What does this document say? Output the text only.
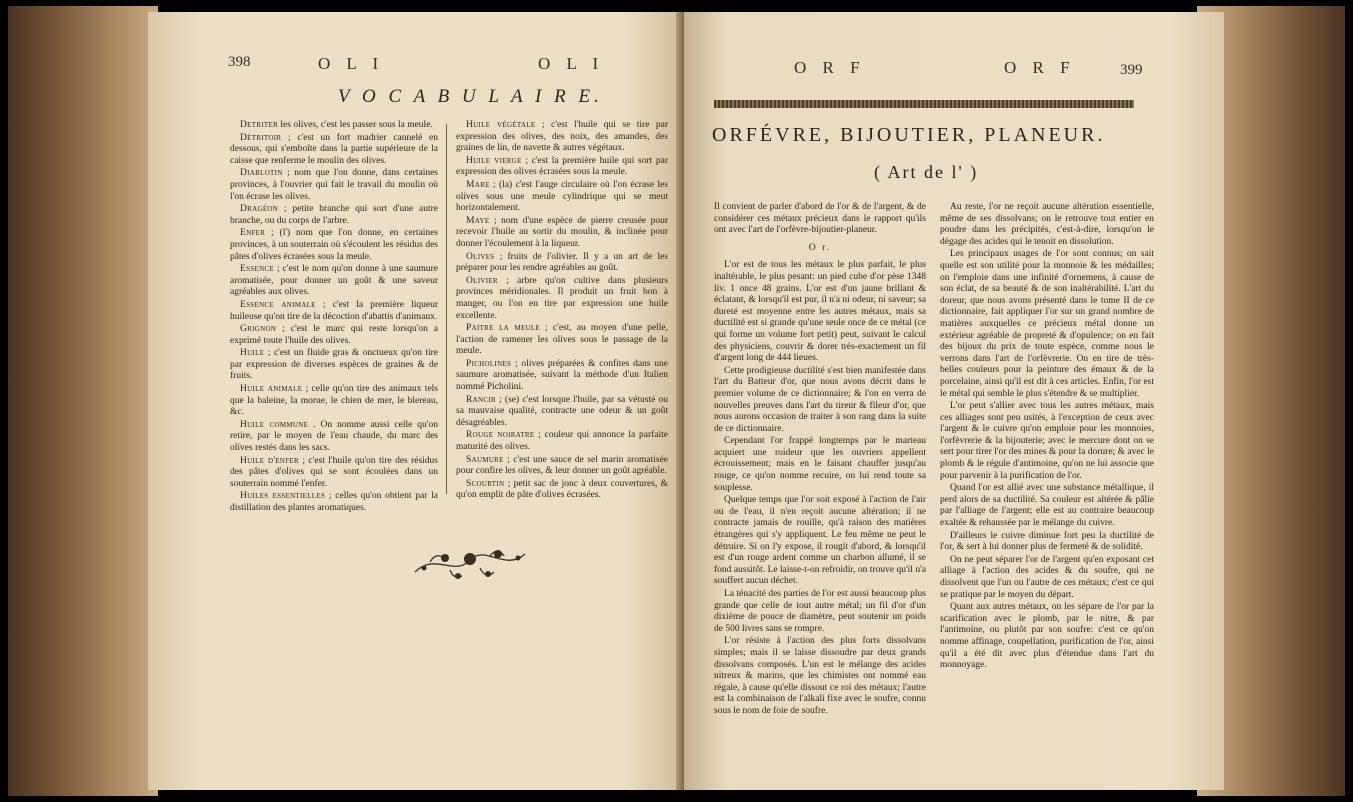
398	O L I	O L I
V O C A B U L A I R E.

Detriter les olives, c'est les passer sous la meule.

Détritoir ; c'est un fort madrier cannelé en dessous, qui s'emboîte dans la partie supérieure de la caisse que renferme le moulin des olives.

Diablotin ; nom que l'on donne, dans certaines provinces, à l'ouvrier qui fait le travail du moulin où l'on écrase les olives.

Dragéon ; petite branche qui sort d'une autre branche, ou du corps de l'arbre.

Enfer ; (l') nom que l'on donne, en certaines provinces, à un souterrain où s'écoulent les résidus des pâtes d'olives écrasées sous la meule.

Essence ; c'est le nom qu'on donne à une saumure aromatisée, pour donner un goût & une saveur agréables aux olives.

Essence animale ; c'est la première liqueur huileuse qu'on tire de la décoction d'abattis d'animaux.

Grignon ; c'est le marc qui reste lorsqu'on a exprimé toute l'huile des olives.

Huile ; c'est un fluide gras & onctueux qu'on tire par expression de diverses espèces de graines & de fruits.

Huile animale ; celle qu'on tire des animaux tels que la baleine, la morue, le chien de mer, le blereau, &c.

Huile commune . On nomme aussi celle qu'on retire, par le moyen de l'eau chaude, du marc des olives restés dans les sacs.

Huile d'enfer ; c'est l'huile qu'on tire des résidus des pâtes d'olives qui se sont écoulées dans un souterrain nommé l'enfer.

Huiles essentielles ; celles qu'on obtient par la distillation des plantes aromatiques.

Huile végétale ; c'est l'huile qui se tire par expression des olives, des noix, des amandes, des graines de lin, de navette & autres végétaux.

Huile vierge ; c'est la première huile qui sort par expression des olives écrasées sous la meule.

Mare ; (la) c'est l'auge circulaire où l'on écrase les olives sous une meule cylindrique qui se meut horizontalement.

Maye ; nom d'une espèce de pierre creusée pour recevoir l'huile au sortir du moulin, & inclinée pour donner l'écoulement à la liqueur.

Olives ; fruits de l'olivier. Il y a un art de les préparer pour les rendre agréables au goût.

Olivier ; arbre qu'on cultive dans plusieurs provinces méridionales. Il produit un fruit bon à manger, ou l'on en tire par expression une huile excellente.

Paitre la meule ; c'est, au moyen d'une pelle, l'action de ramener les olives sous le passage de la meule.

Picholines ; olives préparées & confites dans une saumure aromatisée, suivant la méthode d'un Italien nommé Picholini.

Rancir ; (se) c'est lorsque l'huile, par sa vétusté ou sa mauvaise qualité, contracte une odeur & un goût désagréables.

Rouge noiratre ; couleur qui annonce la parfaite maturité des olives.

Saumure ; c'est une sauce de sel marin aromatisée pour confire les olives, & leur donner un goût agréable.

Scourtin ; petit sac de jonc à deux couvertures, & qu'on emplit de pâte d'olives écrasées.

O R F	O R F	399
ORFÉVRE, BIJOUTIER, PLANEUR.
( Art de l' )

Il convient de parler d'abord de l'or & de l'argent, & de considérer ces métaux précieux dans le rapport qu'ils ont avec l'art de l'orfèvre-bijoutier-planeur.

O r.

L'or est de tous les métaux le plus parfait, le plus inaltérable, le plus pesant: un pied cube d'or pèse 1348 liv. 1 once 48 grains. L'or est d'un jaune brillant & éclatant, & lorsqu'il est pur, il n'a ni odeur, ni saveur; sa dureté est moyenne entre les autres métaux, mais sa ductilité est si grande qu'une seule once de ce métal (ce qui forme un volume fort petit) peut, suivant le calcul des physiciens, couvrir & dorer très-exactement un fil d'argent long de 444 lieues.

Cette prodigieuse ductilité s'est bien manifestée dans l'art du Batteur d'or, que nous avons décrit dans le premier volume de ce dictionnaire; & l'on en verra de nouvelles preuves dans l'art du tireur & fileur d'or, que nous aurons occasion de traiter à son rang dans la suite de ce dictionnaire.

Cependant l'or frappé longtemps par le marteau acquiert une roideur que les ouvriers appellent écrouissement; mais en le faisant chauffer jusqu'au rouge, ce qu'on nomme recuire, on lui rend toute sa souplesse.

Quelque temps que l'or soit exposé à l'action de l'air ou de l'eau, il n'en reçoit aucune altération; il ne contracte jamais de rouille, qu'à raison des matières étrangères qui s'y appliquent. Le feu même ne peut le détruire. Si on l'y expose, il rougit d'abord, & lorsqu'il est d'un rouge ardent comme un charbon allumé, il se fond aussitôt. Le laisse-t-on refroidir, on trouve qu'il n'a souffert aucun déchet.

La ténacité des parties de l'or est aussi beaucoup plus grande que celle de tout autre métal; un fil d'or d'un dixième de pouce de diamètre, peut soutenir un poids de 500 livres sans se rompre.

L'or résiste à l'action des plus forts dissolvans simples; mais il se laisse dissoudre par deux grands dissolvans composés. L'un est le mélange des acides nitreux & marins, que les chimistes ont nommé eau régale, à cause qu'elle dissout ce roi des métaux; l'autre est la combinaison de l'alkali fixe avec le soufre, connu sous le nom de foie de soufre.

Au reste, l'or ne reçoit aucune altération essentielle, même de ses dissolvans; on le retrouve tout entier en poudre dans les précipités, c'est-à-dire, lorsqu'on le dégage des acides qui le tenoit en dissolution.

Les principaux usages de l'or sont connus; on sait quelle est son utilité pour la monnoie & les médailles; on l'emploie dans une infinité d'ornemens, à cause de son éclat, de sa beauté & de son inaltérabilité. L'art du doreur, que nous avons présenté dans le tome II de ce dictionnaire, fait appliquer l'or sur un grand nombre de matières auxquelles ce précieux métal donne un extérieur agréable de propreté & d'opulence; on en fait des bijoux du prix de toute espèce, comme nous le verrons dans l'art de l'orfèvrerie. On en tire de très-belles couleurs pour la peinture des émaux & de la porcelaine, ainsi qu'il est dit à ces articles. Enfin, l'or est le métal qui semble le plus s'étendre & se multiplier.

L'or peut s'allier avec tous les autres métaux, mais ces alliages sont peu usités, à l'exception de ceux avec l'argent & le cuivre qu'on emploie pour les monnoies, l'orfèvrerie & la bijouterie; avec le mercure dont on se sert pour tirer l'or des mines & pour la dorure; & avec le plomb & le régule d'antimoine, qu'on ne lui associe que pour parvenir à la purification de l'or.

Quand l'or est allié avec une substance métallique, il perd alors de sa ductilité. Sa couleur est altérée & pâlie par l'alliage de l'argent; elle est au contraire beaucoup exaltée & rehaussée par le mélange du cuivre.

D'ailleurs le cuivre diminue fort peu la ductilité de l'or, & sert à lui donner plus de fermeté & de solidité.

On ne peut séparer l'or de l'argent qu'en exposant cet alliage à l'action des acides & du soufre, qui ne dissolvent que l'un ou l'autre de ces métaux; c'est ce qui se pratique par le moyen du départ.

Quant aux autres métaux, on les sépare de l'or par la scarification avec le plomb, par le nitre, & par l'antimoine, ou plutôt par son soufre: c'est ce qu'on nomme affinage, coupellation, purification de l'or, ainsi qu'il a été dit avec plus d'étendue dans l'art du monnoyage.
